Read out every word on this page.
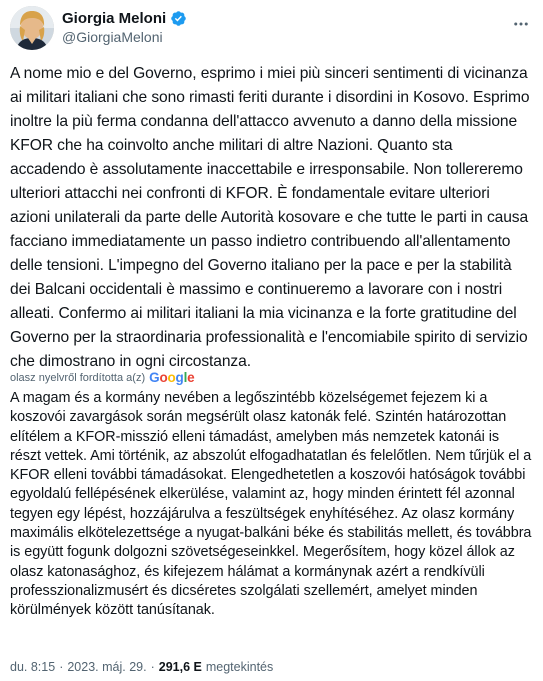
Giorgia Meloni
@GiorgiaMeloni
A nome mio e del Governo, esprimo i miei più sinceri sentimenti di vicinanza ai militari italiani che sono rimasti feriti durante i disordini in Kosovo. Esprimo inoltre la più ferma condanna dell'attacco avvenuto a danno della missione KFOR che ha coinvolto anche militari di altre Nazioni. Quanto sta accadendo è assolutamente inaccettabile e irresponsabile. Non tollereremo ulteriori attacchi nei confronti di KFOR. È fondamentale evitare ulteriori azioni unilaterali da parte delle Autorità kosovare e che tutte le parti in causa facciano immediatamente un passo indietro contribuendo all'allentamento delle tensioni. L'impegno del Governo italiano per la pace e per la stabilità dei Balcani occidentali è massimo e continueremo a lavorare con i nostri alleati. Confermo ai militari italiani la mia vicinanza e la forte gratitudine del Governo per la straordinaria professionalità e l'encomiabile spirito di servizio che dimostrano in ogni circostanza.
olasz nyelvről fordította a(z) Google
A magam és a kormány nevében a legőszintébb közelségemet fejezem ki a koszovói zavargások során megsérült olasz katonák felé. Szintén határozottan elítélem a KFOR-misszió elleni támadást, amelyben más nemzetek katonái is részt vettek. Ami történik, az abszolút elfogadhatatlan és felelőtlen. Nem tűrjük el a KFOR elleni további támadásokat. Elengedhetetlen a koszovói hatóságok további egyoldalú fellépésének elkerülése, valamint az, hogy minden érintett fél azonnal tegyen egy lépést, hozzájárulva a feszültségek enyhítéséhez. Az olasz kormány maximális elkötelezettsége a nyugat-balkáni béke és stabilitás mellett, és továbbra is együtt fogunk dolgozni szövetségeseinkkel. Megerősítem, hogy közel állok az olasz katonasághoz, és kifejezem hálámat a kormánynak azért a rendkívüli professzionalizmusért és dicséretes szolgálati szellemért, amelyet minden körülmények között tanúsítanak.
du. 8:15 · 2023. máj. 29. · 291,6 E megtekintés
